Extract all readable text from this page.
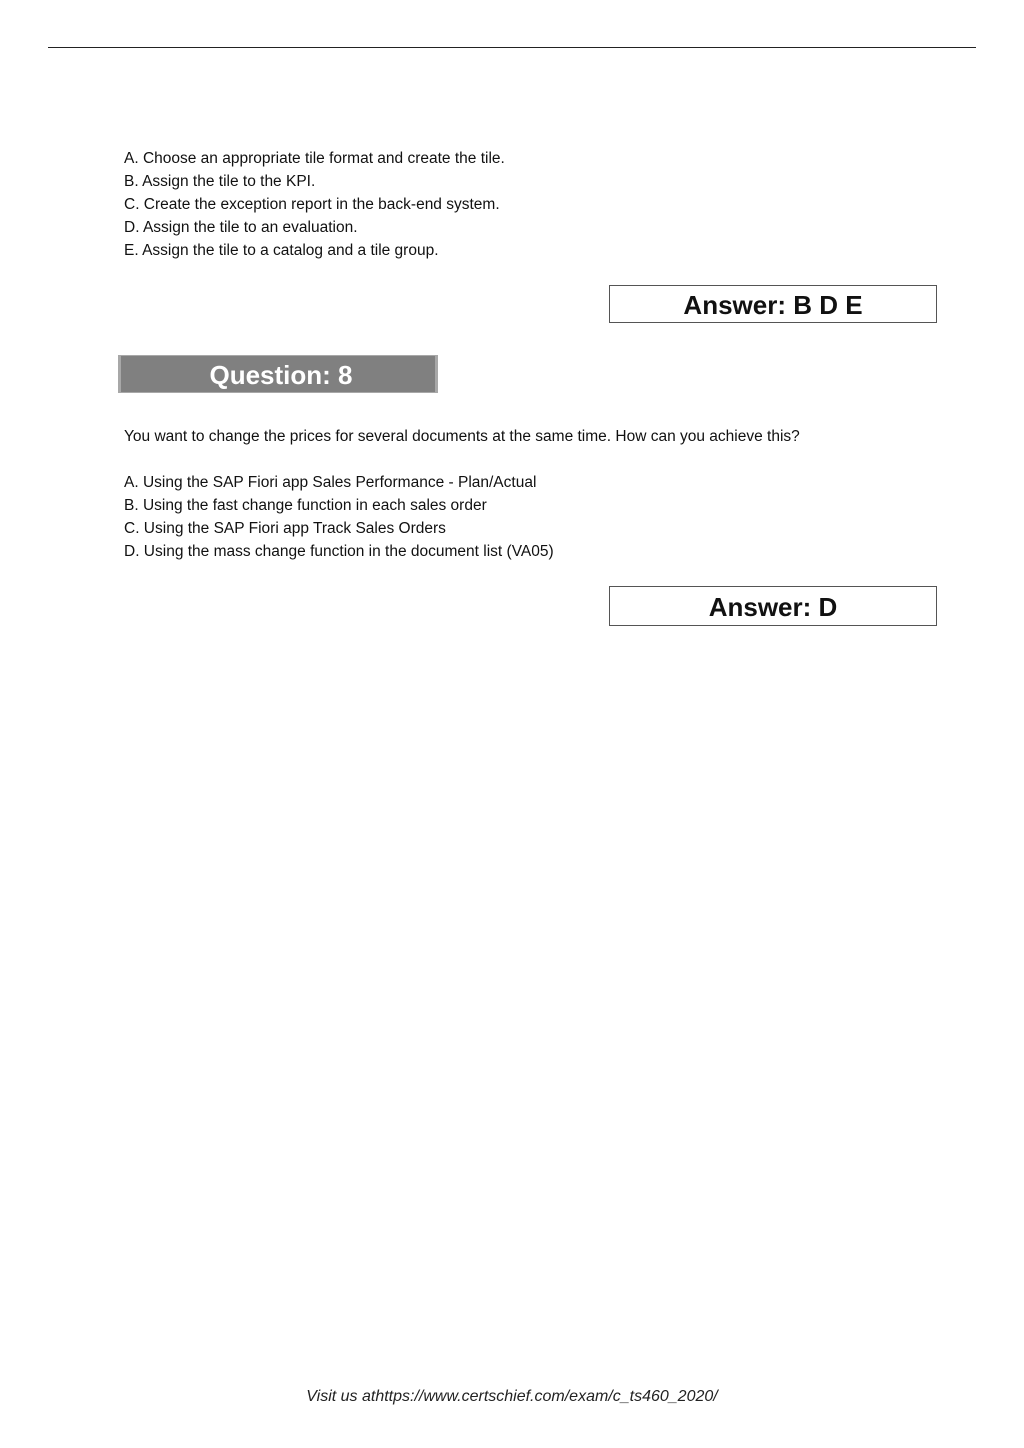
A. Choose an appropriate tile format and create the tile.
B. Assign the tile to the KPI.
C. Create the exception report in the back-end system.
D. Assign the tile to an evaluation.
E. Assign the tile to a catalog and a tile group.
Answer: B D E
Question: 8

You want to change the prices for several documents at the same time. How can you achieve this?

A. Using the SAP Fiori app Sales Performance - Plan/Actual
B. Using the fast change function in each sales order
C. Using the SAP Fiori app Track Sales Orders
D. Using the mass change function in the document list (VA05)
Answer: D
Visit us athttps://www.certschief.com/exam/c_ts460_2020/
